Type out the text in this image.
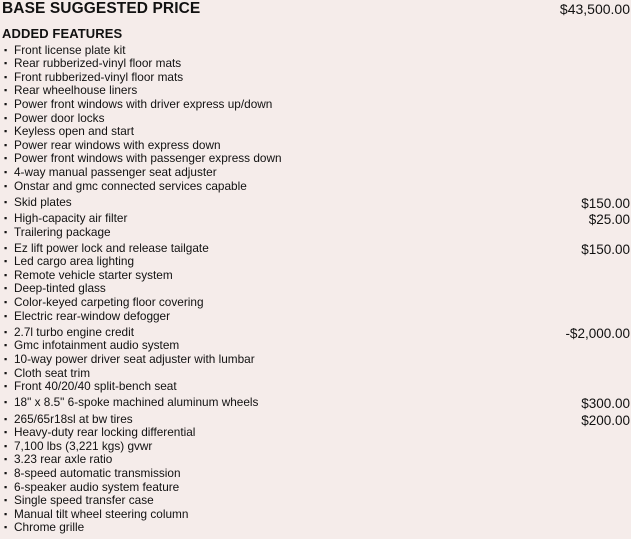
BASE SUGGESTED PRICE	$43,500.00
ADDED FEATURES
▪ Front license plate kit
▪ Rear rubberized-vinyl floor mats
▪ Front rubberized-vinyl floor mats
▪ Rear wheelhouse liners
▪ Power front windows with driver express up/down
▪ Power door locks
▪ Keyless open and start
▪ Power rear windows with express down
▪ Power front windows with passenger express down
▪ 4-way manual passenger seat adjuster
▪ Onstar and gmc connected services capable
▪ Skid plates	$150.00
▪ High-capacity air filter	$25.00
▪ Trailering package
▪ Ez lift power lock and release tailgate	$150.00
▪ Led cargo area lighting
▪ Remote vehicle starter system
▪ Deep-tinted glass
▪ Color-keyed carpeting floor covering
▪ Electric rear-window defogger
▪ 2.7l turbo engine credit	-$2,000.00
▪ Gmc infotainment audio system
▪ 10-way power driver seat adjuster with lumbar
▪ Cloth seat trim
▪ Front 40/20/40 split-bench seat
▪ 18" x 8.5" 6-spoke machined aluminum wheels	$300.00
▪ 265/65r18sl at bw tires	$200.00
▪ Heavy-duty rear locking differential
▪ 7,100 lbs (3,221 kgs) gvwr
▪ 3.23 rear axle ratio
▪ 8-speed automatic transmission
▪ 6-speaker audio system feature
▪ Single speed transfer case
▪ Manual tilt wheel steering column
▪ Chrome grille
